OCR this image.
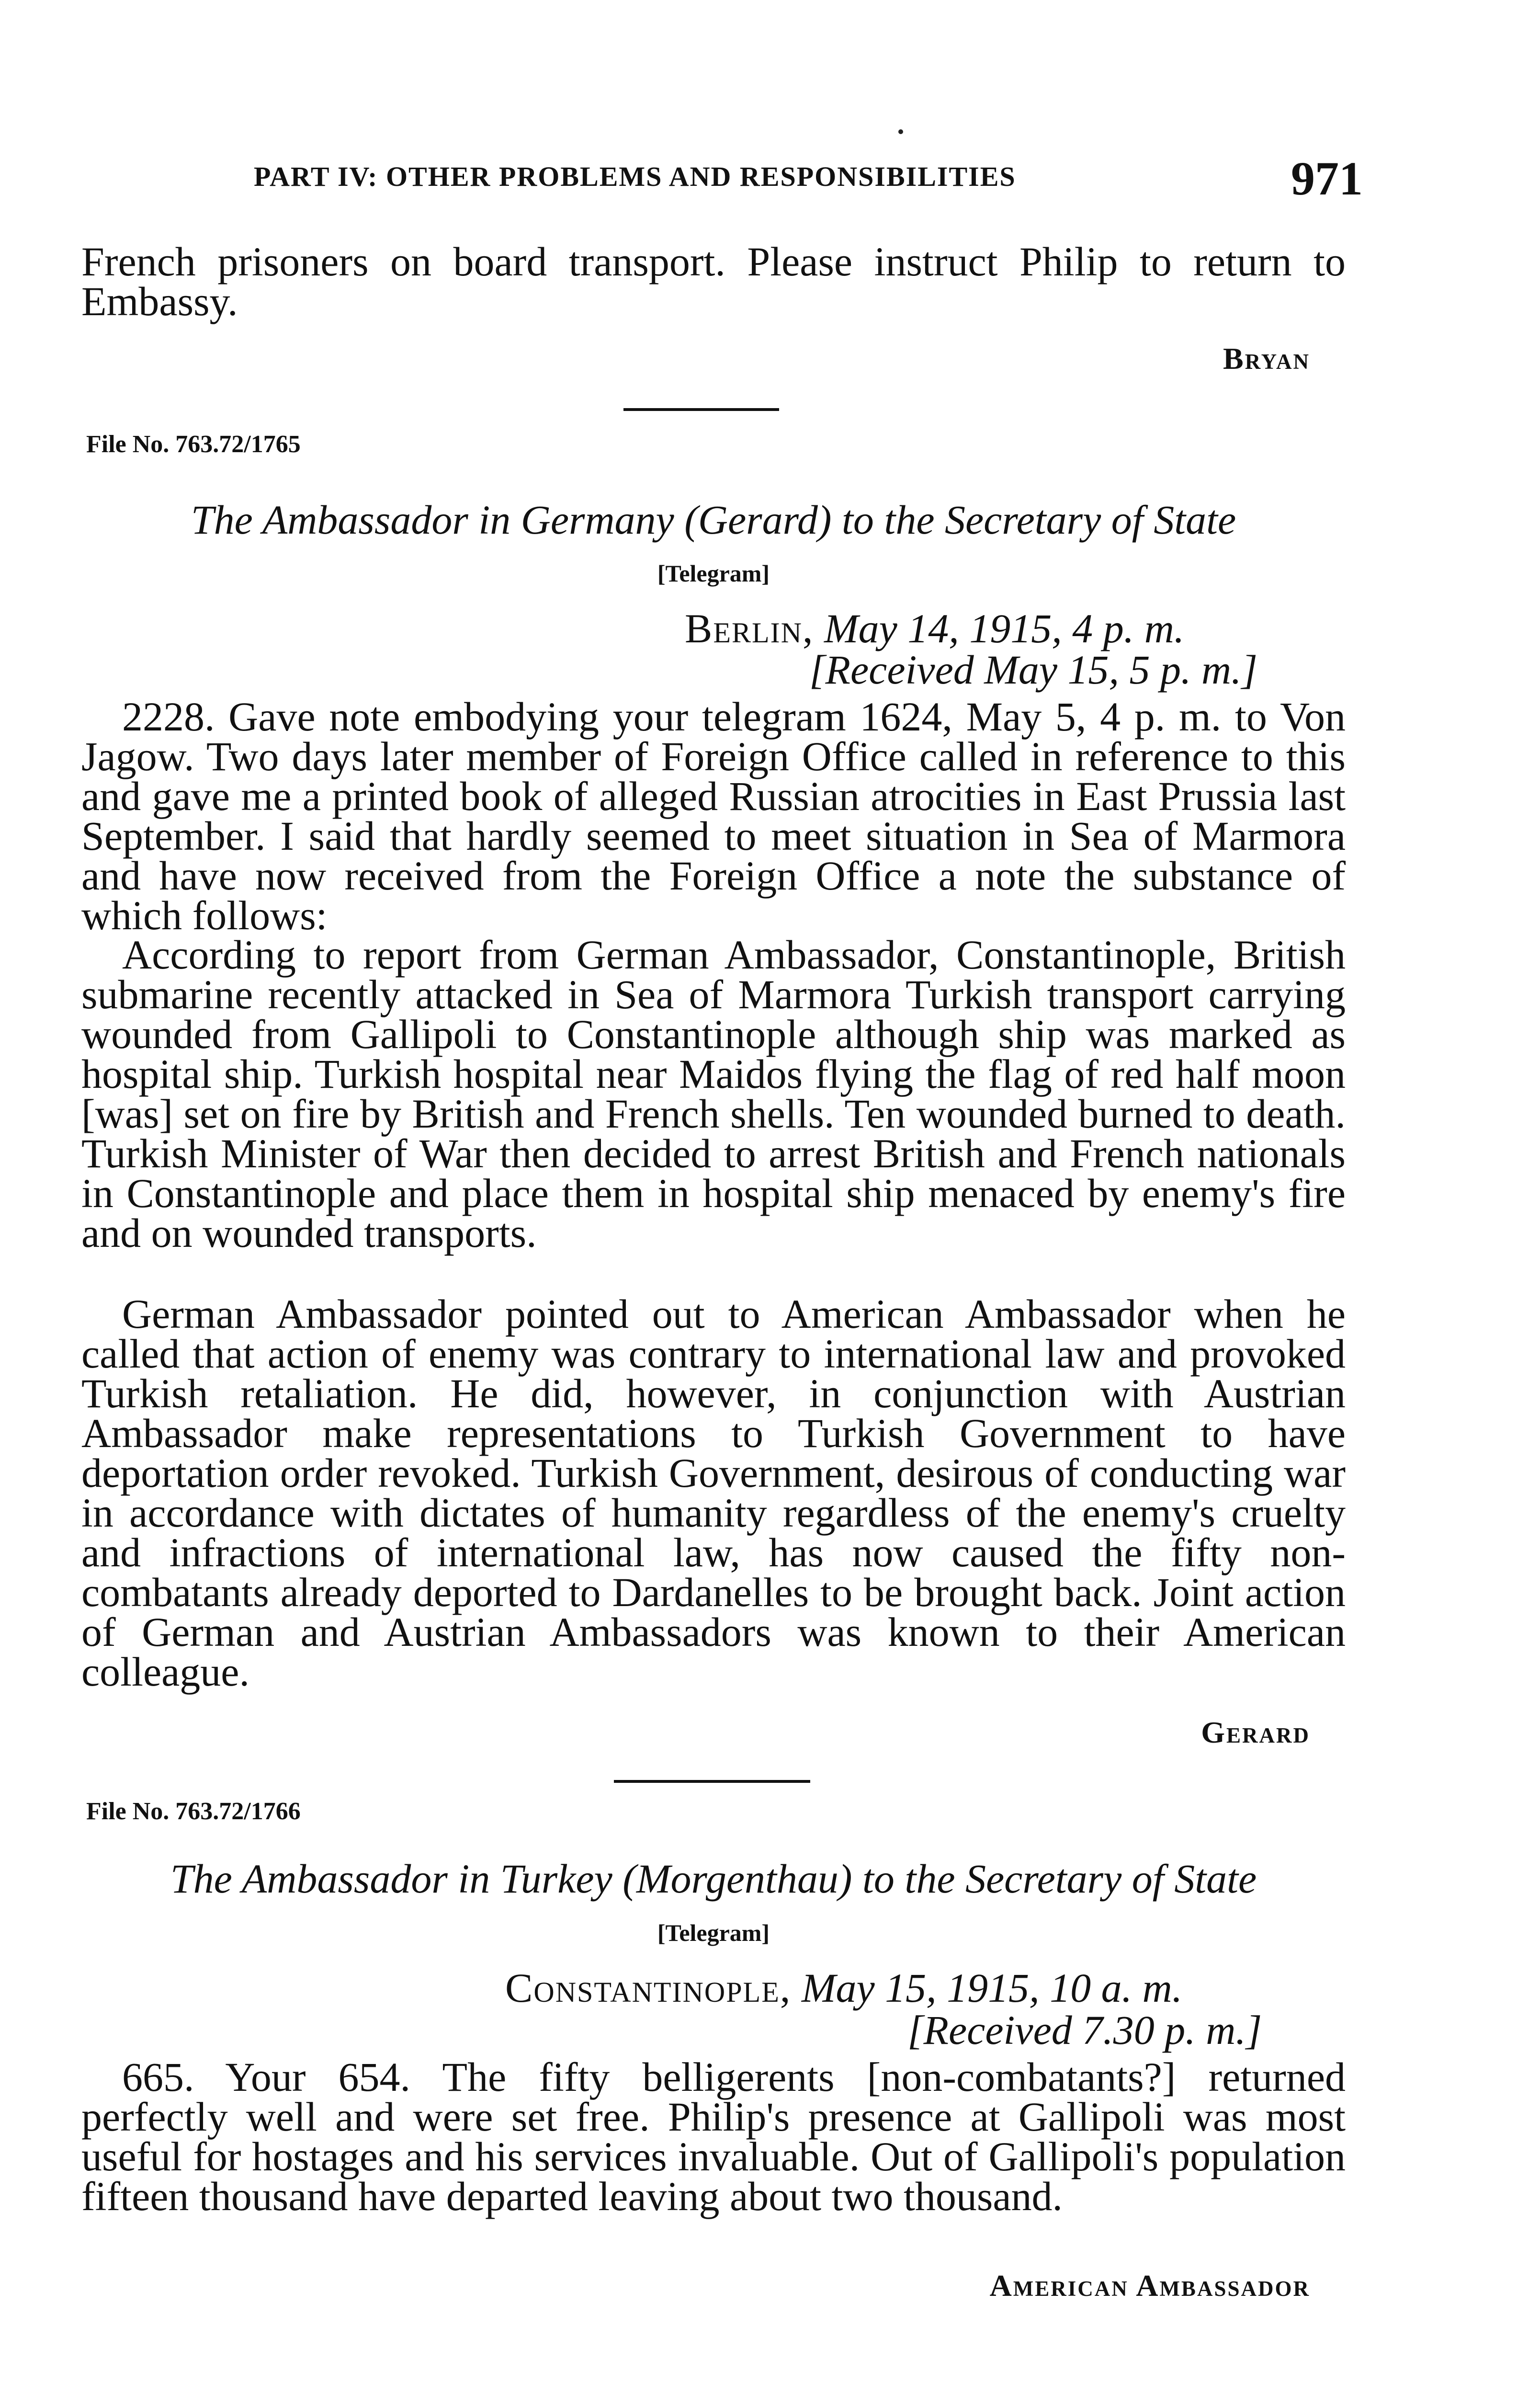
PART IV: OTHER PROBLEMS AND RESPONSIBILITIES	971

French prisoners on board transport. Please instruct Philip to return to Embassy.

Bryan
File No. 763.72/1765
The Ambassador in Germany (Gerard) to the Secretary of State
[Telegram]
Berlin, May 14, 1915, 4 p. m.
[Received May 15, 5 p. m.]

2228. Gave note embodying your telegram 1624, May 5, 4 p. m. to Von Jagow. Two days later member of Foreign Office called in reference to this and gave me a printed book of alleged Russian atrocities in East Prussia last September. I said that hardly seemed to meet situation in Sea of Marmora and have now received from the Foreign Office a note the substance of which follows:

According to report from German Ambassador, Constantinople, British submarine recently attacked in Sea of Marmora Turkish transport carrying wounded from Gallipoli to Constantinople although ship was marked as hospital ship. Turkish hospital near Maidos flying the flag of red half moon [was] set on fire by British and French shells. Ten wounded burned to death. Turkish Minister of War then decided to arrest British and French nationals in Constantinople and place them in hospital ship menaced by enemy's fire and on wounded transports.

German Ambassador pointed out to American Ambassador when he called that action of enemy was contrary to international law and provoked Turkish retaliation. He did, however, in conjunction with Austrian Ambassador make representations to Turkish Government to have deportation order revoked. Turkish Government, desirous of conducting war in accordance with dictates of humanity regardless of the enemy's cruelty and infractions of international law, has now caused the fifty non-combatants already deported to Dardanelles to be brought back. Joint action of German and Austrian Ambassadors was known to their American colleague.

Gerard
File No. 763.72/1766
The Ambassador in Turkey (Morgenthau) to the Secretary of State
[Telegram]
Constantinople, May 15, 1915, 10 a. m.
[Received 7.30 p. m.]

665. Your 654. The fifty belligerents [non-combatants?] returned perfectly well and were set free. Philip's presence at Gallipoli was most useful for hostages and his services invaluable. Out of Gallipoli's population fifteen thousand have departed leaving about two thousand.

American Ambassador
